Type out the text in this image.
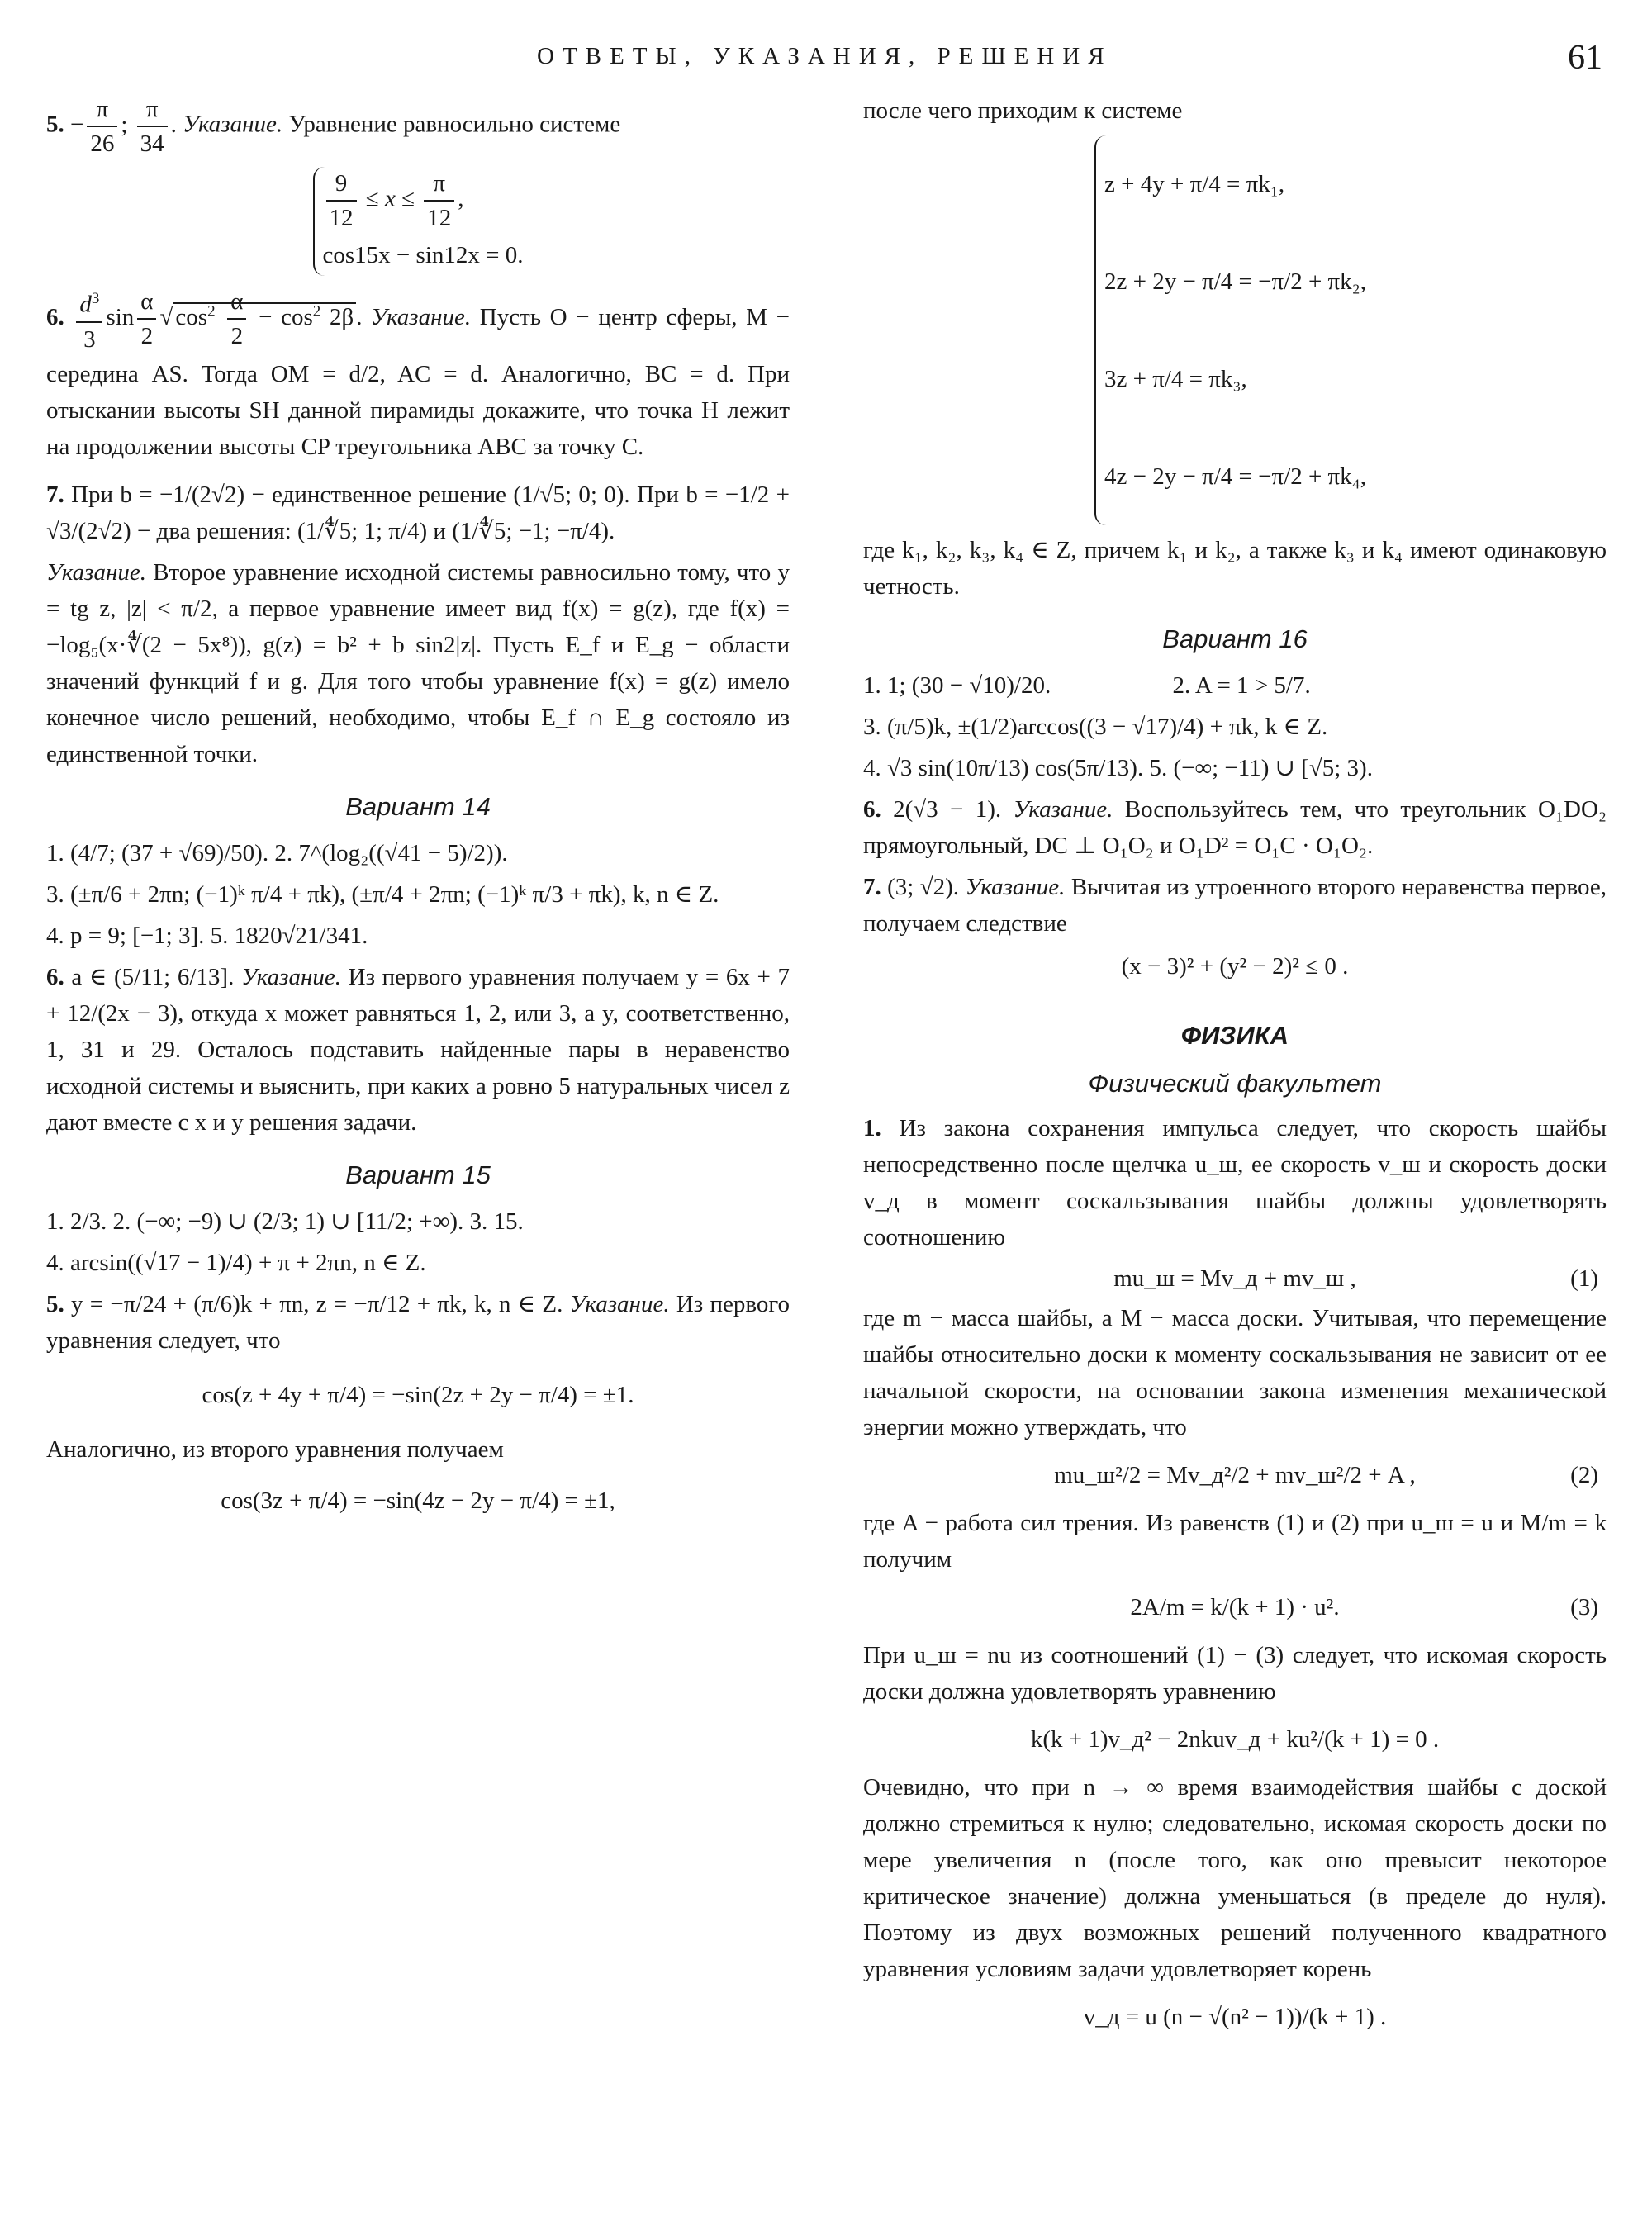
ОТВЕТЫ, УКАЗАНИЯ, РЕШЕНИЯ	61

5. − $\frac{\pi}{26}$ ; $\frac{\pi}{34}$ . Указание. Уравнение равносильно системе

$\frac{9}{12} \le x \le \frac{\pi}{12}$ ,
cos15x − sin12x = 0.

6. $\frac{d^3}{3}$ $\sin \frac{\alpha}{2}$ √ $\cos^2 \frac{\alpha}{2} - \cos^2 2\beta$ . Указание. Пусть O − центр сферы, M − середина AS. Тогда OM = d/2, AC = d. Аналогично, BC = d. При отыскании высоты SH данной пирамиды докажите, что точка H лежит на продолжении высоты CP треугольника ABC за точку C.

7. При b = −1/(2√2) − единственное решение (1/√5; 0; 0). При b = −1/2 + √3/(2√2) − два решения: (1/∜5; 1; π/4) и (1/∜5; −1; −π/4).

Указание. Второе уравнение исходной системы равносильно тому, что y = tg z, |z| < π/2, а первое уравнение имеет вид f(x) = g(z), где f(x) = −log₅(x·∜(2 − 5x⁸)), g(z) = b² + b sin2|z|. Пусть E_f и E_g − области значений функций f и g. Для того чтобы уравнение f(x) = g(z) имело конечное число решений, необходимо, чтобы E_f ∩ E_g состояло из единственной точки.

Вариант 14

1. (4/7; (37 + √69)/50). 2. 7^(log₂((√41 − 5)/2)).

3. (±π/6 + 2πn; (−1)ᵏ π/4 + πk), (±π/4 + 2πn; (−1)ᵏ π/3 + πk), k, n ∈ Z.

4. p = 9; [−1; 3]. 5. 1820√21/341.

6. a ∈ (5/11; 6/13]. Указание. Из первого уравнения получаем y = 6x + 7 + 12/(2x − 3), откуда x может равняться 1, 2, или 3, а y, соответственно, 1, 31 и 29. Осталось подставить найденные пары в неравенство исходной системы и выяснить, при каких a ровно 5 натуральных чисел z дают вместе с x и y решения задачи.

Вариант 15

1. 2/3. 2. (−∞; −9) ∪ (2/3; 1) ∪ [11/2; +∞). 3. 15.

4. arcsin((√17 − 1)/4) + π + 2πn, n ∈ Z.

5. y = −π/24 + (π/6)k + πn, z = −π/12 + πk, k, n ∈ Z. Указание. Из первого уравнения следует, что

cos(z + 4y + π/4) = −sin(2z + 2y − π/4) = ±1.

Аналогично, из второго уравнения получаем

cos(3z + π/4) = −sin(4z − 2y − π/4) = ±1,

после чего приходим к системе

z + 4y + π/4 = πk₁,
2z + 2y − π/4 = −π/2 + πk₂,
3z + π/4 = πk₃,
4z − 2y − π/4 = −π/2 + πk₄,

где k₁, k₂, k₃, k₄ ∈ Z, причем k₁ и k₂, а также k₃ и k₄ имеют одинаковую четность.

Вариант 16

1. 1; (30 − √10)/20.	2. A = 1 > 5/7.

3. (π/5)k, ±(1/2)arccos((3 − √17)/4) + πk, k ∈ Z.

4. √3 sin(10π/13) cos(5π/13). 5. (−∞; −11) ∪ [√5; 3).

6. 2(√3 − 1). Указание. Воспользуйтесь тем, что треугольник O₁DO₂ прямоугольный, DC ⊥ O₁O₂ и O₁D² = O₁C · O₁O₂.

7. (3; √2). Указание. Вычитая из утроенного второго неравенства первое, получаем следствие

(x − 3)² + (y² − 2)² ≤ 0 .
ФИЗИКА
Физический факультет

1. Из закона сохранения импульса следует, что скорость шайбы непосредственно после щелчка u_ш, ее скорость v_ш и скорость доски v_д в момент соскальзывания шайбы должны удовлетворять соотношению

mu_ш = Mv_д + mv_ш ,	(1)

где m − масса шайбы, а M − масса доски. Учитывая, что перемещение шайбы относительно доски к моменту соскальзывания не зависит от ее начальной скорости, на основании закона изменения механической энергии можно утверждать, что

mu_ш²/2 = Mv_д²/2 + mv_ш²/2 + A ,	(2)

где A − работа сил трения. Из равенств (1) и (2) при u_ш = u и M/m = k получим

2A/m = k/(k + 1) · u².	(3)

При u_ш = nu из соотношений (1) − (3) следует, что искомая скорость доски должна удовлетворять уравнению

k(k + 1)v_д² − 2nkuv_д + ku²/(k + 1) = 0 .

Очевидно, что при n → ∞ время взаимодействия шайбы с доской должно стремиться к нулю; следовательно, искомая скорость доски по мере увеличения n (после того, как оно превысит некоторое критическое значение) должна уменьшаться (в пределе до нуля). Поэтому из двух возможных решений полученного квадратного уравнения условиям задачи удовлетворяет корень

v_д = u (n − √(n² − 1))/(k + 1) .
